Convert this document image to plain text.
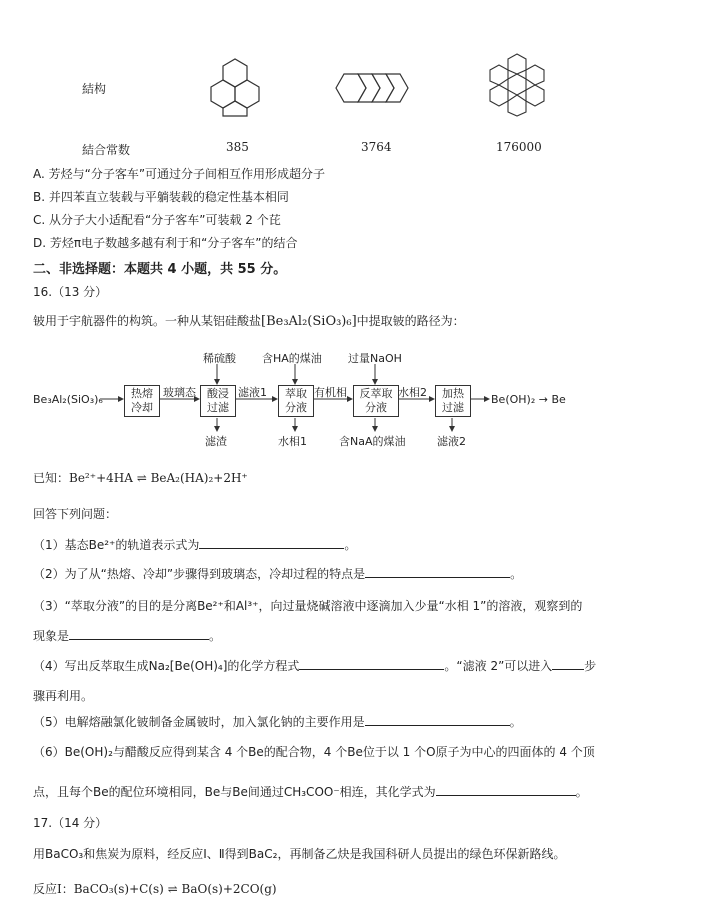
結构
結合常数	385	3764	176000
A. 芳烃与“分子客车”可通过分子间相互作用形成超分子
B. 并四苯直立装载与平躺装载的稳定性基本相同
C. 从分子大小适配看“分子客车”可装载 2 个芘
D. 芳烃π电子数越多越有利于和“分子客车”的结合
二、非选择题：本题共 4 小题，共 55 分。
16.（13 分）
铍用于宇航器件的构筑。一种从某铝硅酸盐[Be₃Al₂(SiO₃)₆]中提取铍的路径为：
Be₃Al₂(SiO₃)₆	热熔
冷却
酸浸
过滤
萃取
分液
反萃取
分液
加热
过滤
玻璃态	滤液1	有机相	水相2
Be(OH)₂ → Be
稀硫酸 含HA的煤油 过量NaOH
滤渣	水相1	含NaA的煤油	滤液2
已知：Be²⁺+4HA ⇌ BeA₂(HA)₂+2H⁺
回答下列问题：
（1）基态Be²⁺的轨道表示式为	。
（2）为了从“热熔、冷却”步骤得到玻璃态，冷却过程的特点是	。
（3）“萃取分液”的目的是分离Be²⁺和Al³⁺，向过量烧碱溶液中逐滴加入少量“水相 1”的溶液，观察到的
现象是	。
（4）写出反萃取生成Na₂[Be(OH)₄]的化学方程式	。“滤液 2”可以进入	步
骤再利用。
（5）电解熔融氯化铍制备金属铍时，加入氯化钠的主要作用是	。
（6）Be(OH)₂与醋酸反应得到某含 4 个Be的配合物，4 个Be位于以 1 个O原子为中心的四面体的 4 个顶
点，且每个Be的配位环境相同，Be与Be间通过CH₃COO⁻相连，其化学式为	。
17.（14 分）
用BaCO₃和焦炭为原料，经反应Ⅰ、Ⅱ得到BaC₂，再制备乙炔是我国科研人员提出的绿色环保新路线。
反应Ⅰ：BaCO₃(s)+C(s) ⇌ BaO(s)+2CO(g)
